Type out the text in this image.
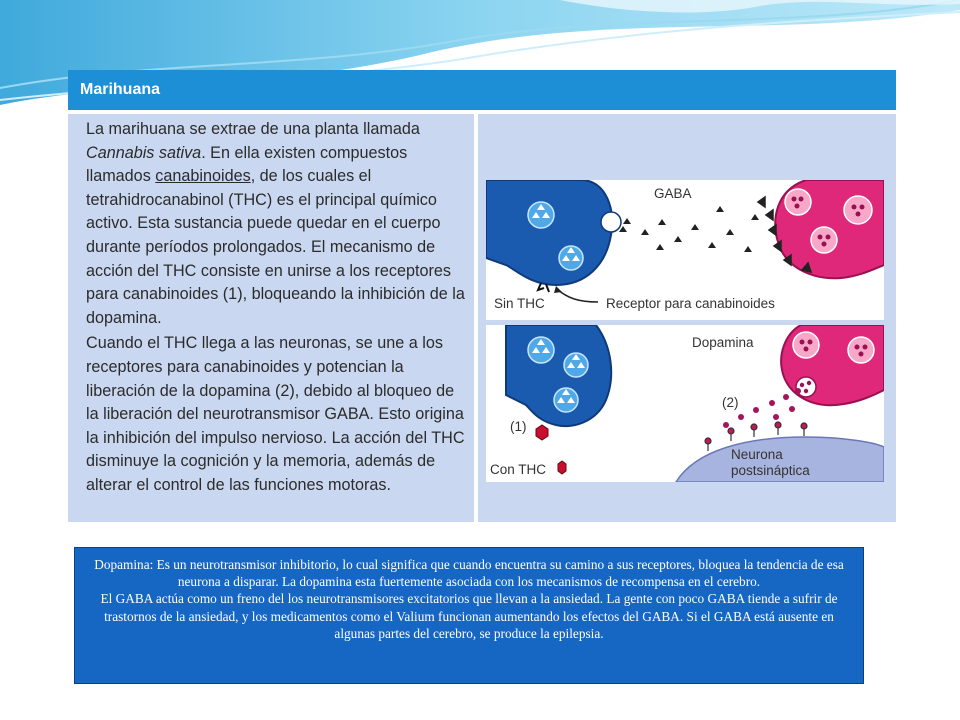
Marihuana

La marihuana se extrae de una planta llamada Cannabis sativa. En ella existen compuestos llamados canabinoides, de los cuales el tetrahidrocanabinol (THC) es el principal químico activo. Esta sustancia puede quedar en el cuerpo durante períodos prolongados. El mecanismo de acción del THC consiste en unirse a los receptores para canabinoides (1), bloqueando la inhibición de la dopamina.

Cuando el THC llega a las neuronas, se une a los receptores para canabinoides y potencian la liberación de la dopamina (2), debido al bloqueo de la liberación del neurotransmisor GABA. Esto origina la inhibición del impulso nervioso. La acción del THC disminuye la cognición y la memoria, además de alterar el control de las funciones motoras.

GABA
Sin THC	Receptor para canabinoides
(1)
Dopamina
(2)
Con THC
Neurona
postsináptica

Dopamina: Es un neurotransmisor inhibitorio, lo cual significa que cuando encuentra su camino a sus receptores, bloquea la tendencia de esa neurona a disparar. La dopamina esta fuertemente asociada con los mecanismos de recompensa en el cerebro.

El GABA actúa como un freno del los neurotransmisores excitatorios que llevan a la ansiedad. La gente con poco GABA tiende a sufrir de trastornos de la ansiedad, y los medicamentos como el Valium funcionan aumentando los efectos del GABA. Si el GABA está ausente en algunas partes del cerebro, se produce la epilepsia.
